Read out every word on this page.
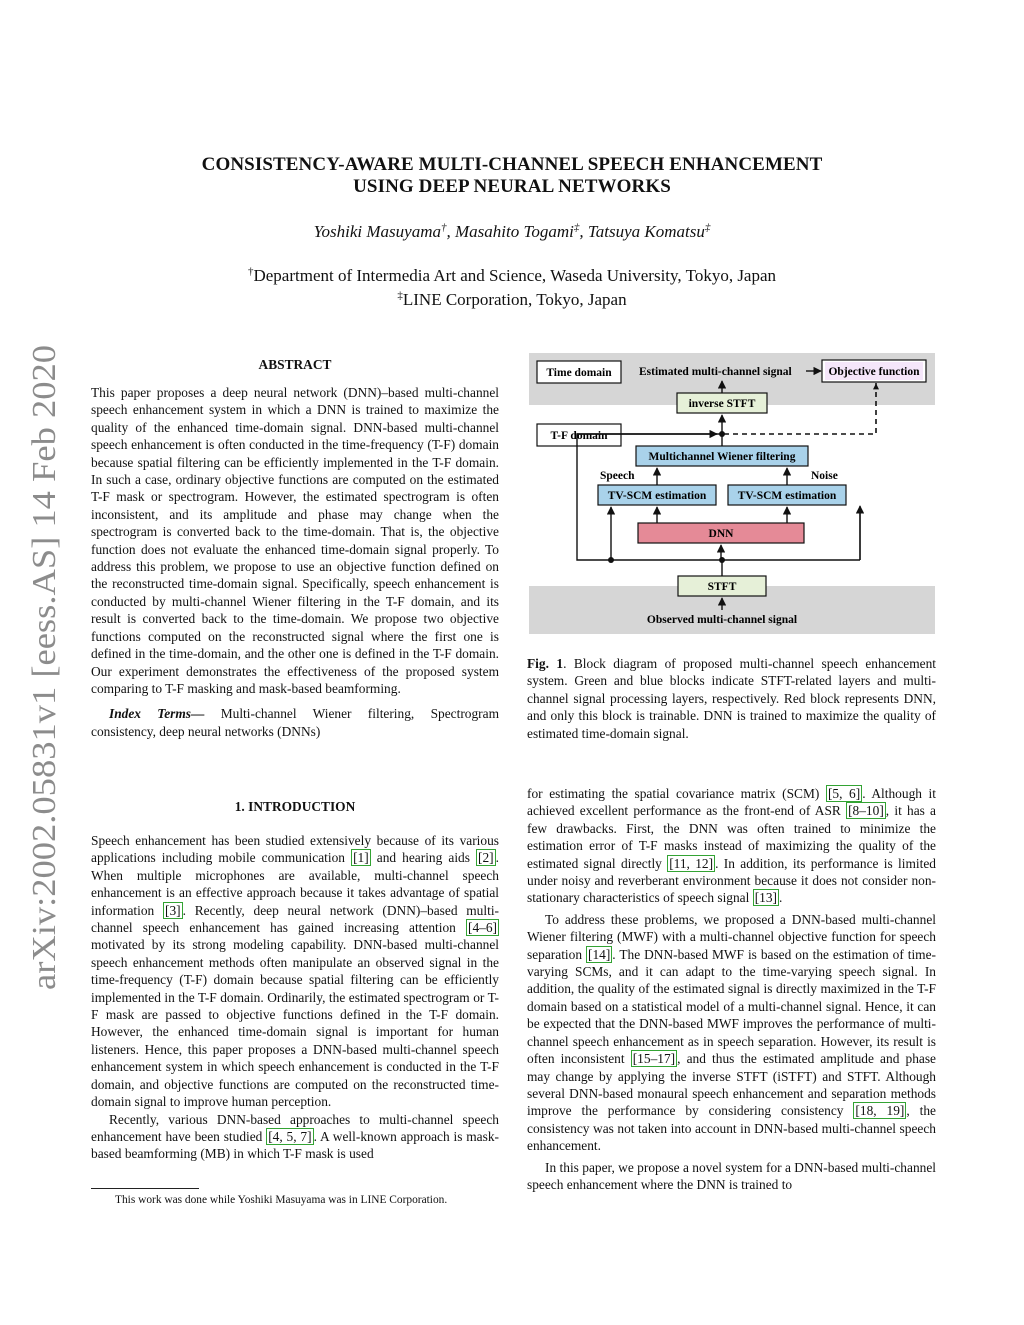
arXiv:2002.05831v1 [eess.AS] 14 Feb 2020
CONSISTENCY-AWARE MULTI-CHANNEL SPEECH ENHANCEMENT
USING DEEP NEURAL NETWORKS
Yoshiki Masuyama†, Masahito Togami‡, Tatsuya Komatsu‡
†Department of Intermedia Art and Science, Waseda University, Tokyo, Japan
‡LINE Corporation, Tokyo, Japan
ABSTRACT

This paper proposes a deep neural network (DNN)–based multi-channel speech enhancement system in which a DNN is trained to maximize the quality of the enhanced time-domain signal. DNN-based multi-channel speech enhancement is often conducted in the time-frequency (T-F) domain because spatial filtering can be efficiently implemented in the T-F domain. In such a case, ordinary objective functions are computed on the estimated T-F mask or spectrogram. However, the estimated spectrogram is often inconsistent, and its amplitude and phase may change when the spectrogram is converted back to the time-domain. That is, the objective function does not evaluate the enhanced time-domain signal properly. To address this problem, we propose to use an objective function defined on the reconstructed time-domain signal. Specifically, speech enhancement is conducted by multi-channel Wiener filtering in the T-F domain, and its result is converted back to the time-domain. We propose two objective functions computed on the reconstructed signal where the first one is defined in the time-domain, and the other one is defined in the T-F domain. Our experiment demonstrates the effectiveness of the proposed system comparing to T-F masking and mask-based beamforming.

Index Terms— Multi-channel Wiener filtering, Spectrogram consistency, deep neural networks (DNNs)

1. INTRODUCTION

Speech enhancement has been studied extensively because of its various applications including mobile communication [1] and hearing aids [2] . When multiple microphones are available, multi-channel speech enhancement is an effective approach because it takes advantage of spatial information [3] . Recently, deep neural network (DNN)–based multi-channel speech enhancement has gained increasing attention [4–6] motivated by its strong modeling capability. DNN-based multi-channel speech enhancement methods often manipulate an observed signal in the time-frequency (T-F) domain because spatial filtering can be efficiently implemented in the T-F domain. Ordinarily, the estimated spectrogram or T-F mask are passed to objective functions defined in the T-F domain. However, the enhanced time-domain signal is important for human listeners. Hence, this paper proposes a DNN-based multi-channel speech enhancement system in which speech enhancement is conducted in the T-F domain, and objective functions are computed on the reconstructed time-domain signal to improve human perception.

Recently, various DNN-based approaches to multi-channel speech enhancement have been studied [4, 5, 7] . A well-known approach is mask-based beamforming (MB) in which T-F mask is used

This work was done while Yoshiki Masuyama was in LINE Corporation.
Time domain
T-F domain
Estimated multi-channel signal	Objective function
inverse STFT
Multichannel Wiener filtering
Speech	Noise
TV-SCM estimation	TV-SCM estimation
DNN
STFT
Observed multi-channel signal
Fig. 1. Block diagram of proposed multi-channel speech enhancement system. Green and blue blocks indicate STFT-related layers and multi-channel signal processing layers, respectively. Red block represents DNN, and only this block is trainable. DNN is trained to maximize the quality of estimated time-domain signal.

for estimating the spatial covariance matrix (SCM) [5, 6] . Although it achieved excellent performance as the front-end of ASR [8–10] , it has a few drawbacks. First, the DNN was often trained to minimize the estimation error of T-F masks instead of maximizing the quality of the estimated signal directly [11, 12] . In addition, its performance is limited under noisy and reverberant environment because it does not consider non-stationary characteristics of speech signal [13] .

To address these problems, we proposed a DNN-based multi-channel Wiener filtering (MWF) with a multi-channel objective function for speech separation [14] . The DNN-based MWF is based on the estimation of time-varying SCMs, and it can adapt to the time-varying speech signal. In addition, the quality of the estimated signal is directly maximized in the T-F domain based on a statistical model of a multi-channel signal. Hence, it can be expected that the DNN-based MWF improves the performance of multi-channel speech enhancement as in speech separation. However, its result is often inconsistent [15–17] , and thus the estimated amplitude and phase may change by applying the inverse STFT (iSTFT) and STFT. Although several DNN-based monaural speech enhancement and separation methods improve the performance by considering consistency [18, 19] , the consistency was not taken into account in DNN-based multi-channel speech enhancement.

In this paper, we propose a novel system for a DNN-based multi-channel speech enhancement where the DNN is trained to
